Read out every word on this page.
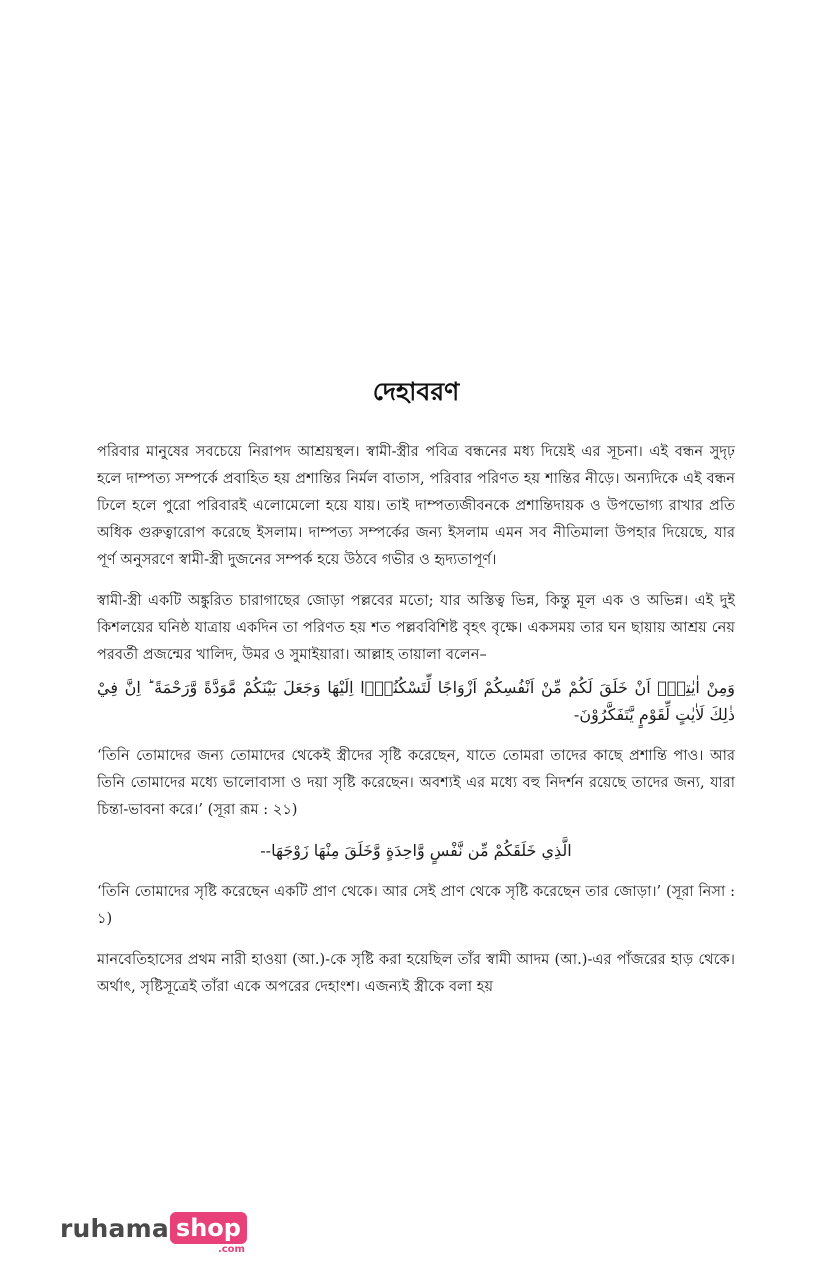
দেহাবরণ

পরিবার মানুষের সবচেয়ে নিরাপদ আশ্রয়স্থল। স্বামী-স্ত্রীর পবিত্র বন্ধনের মধ্য দিয়েই এর সূচনা। এই বন্ধন সুদৃঢ় হলে দাম্পত্য সম্পর্কে প্রবাহিত হয় প্রশান্তির নির্মল বাতাস, পরিবার পরিণত হয় শান্তির নীড়ে। অন্যদিকে এই বন্ধন ঢিলে হলে পুরো পরিবারই এলোমেলো হয়ে যায়। তাই দাম্পত্যজীবনকে প্রশান্তিদায়ক ও উপভোগ্য রাখার প্রতি অধিক গুরুত্বারোপ করেছে ইসলাম। দাম্পত্য সম্পর্কের জন্য ইসলাম এমন সব নীতিমালা উপহার দিয়েছে, যার পূর্ণ অনুসরণে স্বামী-স্ত্রী দুজনের সম্পর্ক হয়ে উঠবে গভীর ও হৃদ্যতাপূর্ণ।

স্বামী-স্ত্রী একটি অঙ্কুরিত চারাগাছের জোড়া পল্লবের মতো; যার অস্তিত্ব ভিন্ন, কিন্তু মূল এক ও অভিন্ন। এই দুই কিশলয়ের ঘনিষ্ঠ যাত্রায় একদিন তা পরিণত হয় শত পল্লববিশিষ্ট বৃহৎ বৃক্ষে। একসময় তার ঘন ছায়ায় আশ্রয় নেয় পরবর্তী প্রজন্মের খালিদ, উমর ও সুমাইয়ারা। আল্লাহ তায়ালা বলেন–

وَمِنْ اٰيٰتِهٖۤ اَنْ خَلَقَ لَكُمْ مِّنْ اَنْفُسِكُمْ اَزْوَاجًا لِّتَسْكُنُوْۤا اِلَيْهَا وَجَعَلَ بَيْنَكُمْ مَّوَدَّةً وَّرَحْمَةً ؕ اِنَّ فِيْ ذٰلِكَ لَاٰيٰتٍ لِّقَوْمٍ يَّتَفَكَّرُوْنَ-

‘তিনি তোমাদের জন্য তোমাদের থেকেই স্ত্রীদের সৃষ্টি করেছেন, যাতে তোমরা তাদের কাছে প্রশান্তি পাও। আর তিনি তোমাদের মধ্যে ভালোবাসা ও দয়া সৃষ্টি করেছেন। অবশ্যই এর মধ্যে বহু নিদর্শন রয়েছে তাদের জন্য, যারা চিন্তা-ভাবনা করে।’ (সূরা রূম : ২১)

الَّذِي خَلَقَكُمْ مِّن نَّفْسٍ وَّاحِدَةٍ وَّخَلَقَ مِنْهَا زَوْجَهَا--

‘তিনি তোমাদের সৃষ্টি করেছেন একটি প্রাণ থেকে। আর সেই প্রাণ থেকে সৃষ্টি করেছেন তার জোড়া।’ (সূরা নিসা : ১)

মানবেতিহাসের প্রথম নারী হাওয়া (আ.)-কে সৃষ্টি করা হয়েছিল তাঁর স্বামী আদম (আ.)-এর পাঁজরের হাড় থেকে। অর্থাৎ, সৃষ্টিসূত্রেই তাঁরা একে অপরের দেহাংশ। এজন্যই স্ত্রীকে বলা হয়

ruhama shop
.com
